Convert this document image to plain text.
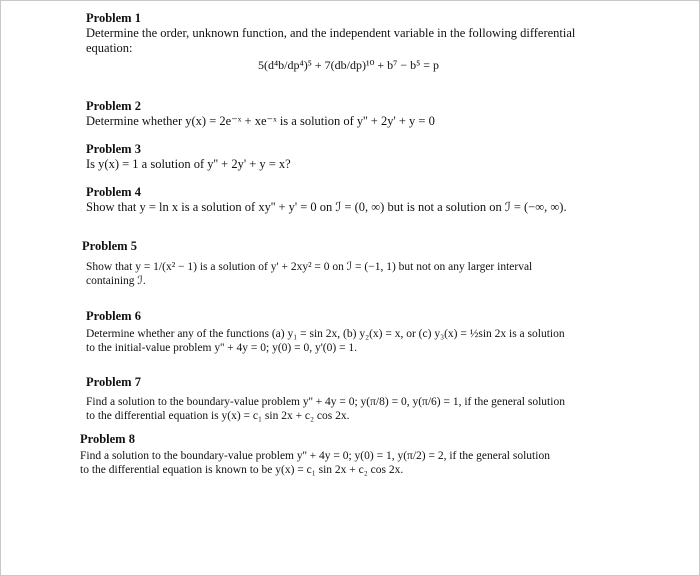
Problem 1
Determine the order, unknown function, and the independent variable in the following differential
equation:
5(d⁴b/dp⁴)⁵ + 7(db/dp)¹⁰ + b⁷ − b⁵ = p
Problem 2
Determine whether y(x) = 2e⁻ˣ + xe⁻ˣ is a solution of y'' + 2y' + y = 0
Problem 3
Is y(x) = 1 a solution of y'' + 2y' + y = x?
Problem 4
Show that y = ln x is a solution of xy'' + y' = 0 on ℐ = (0, ∞) but is not a solution on ℐ = (−∞, ∞).
Problem 5
Show that y = 1/(x² − 1) is a solution of y' + 2xy² = 0 on ℐ = (−1, 1) but not on any larger interval
containing ℐ.
Problem 6
Determine whether any of the functions (a) y₁ = sin 2x, (b) y₂(x) = x, or (c) y₃(x) = ½sin 2x is a solution
to the initial-value problem y'' + 4y = 0; y(0) = 0, y'(0) = 1.
Problem 7
Find a solution to the boundary-value problem y'' + 4y = 0; y(π/8) = 0, y(π/6) = 1, if the general solution
to the differential equation is y(x) = c₁ sin 2x + c₂ cos 2x.
Problem 8
Find a solution to the boundary-value problem y'' + 4y = 0; y(0) = 1, y(π/2) = 2, if the general solution
to the differential equation is known to be y(x) = c₁ sin 2x + c₂ cos 2x.
